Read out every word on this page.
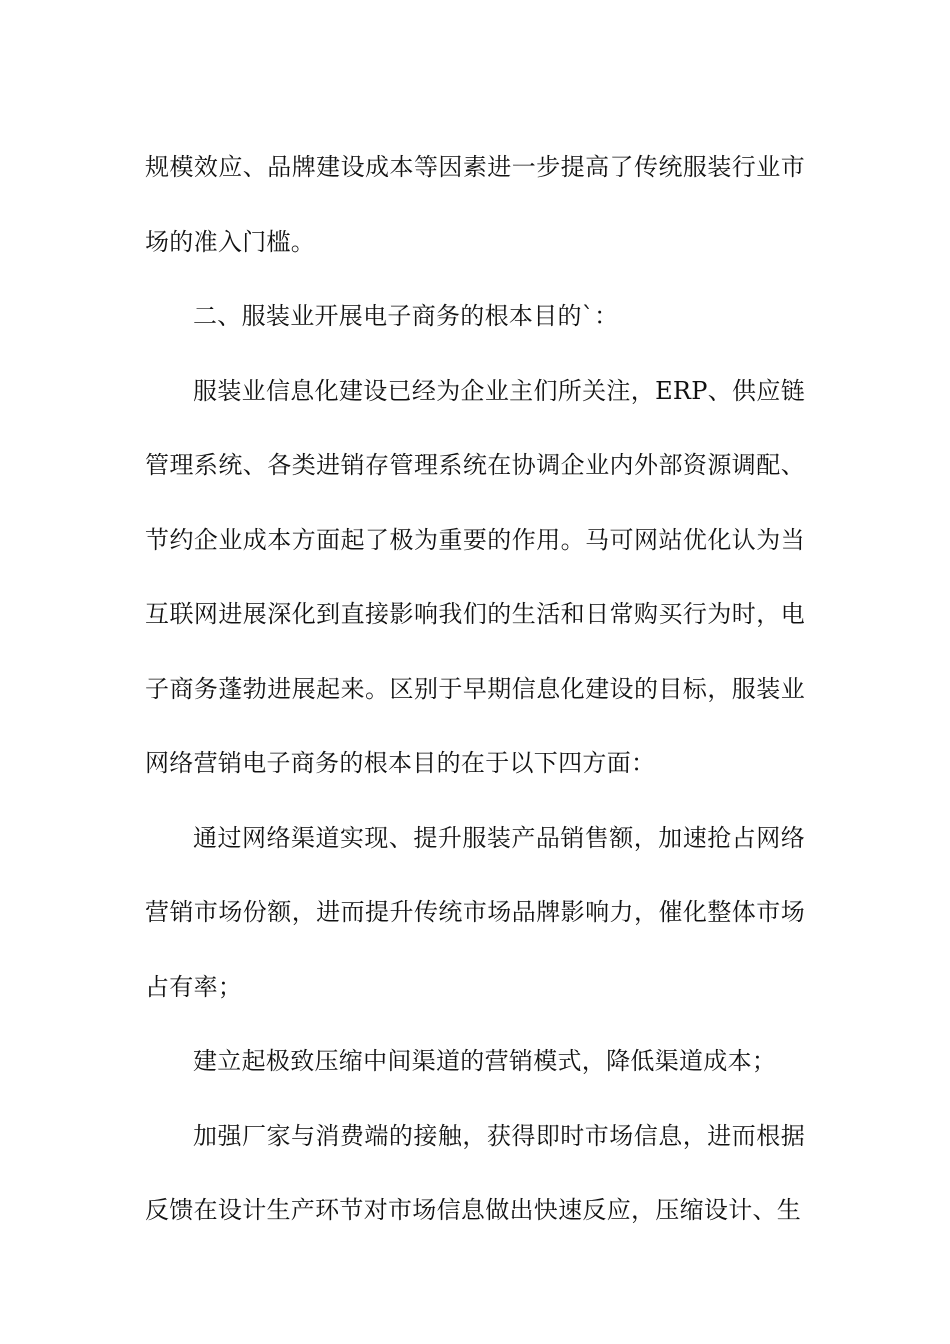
规模效应、品牌建设成本等因素进一步提高了传统服装行业市场的准入门槛。

二、服装业开展电子商务的根本目的`：

服装业信息化建设已经为企业主们所关注，ERP、供应链管理系统、各类进销存管理系统在协调企业内外部资源调配、节约企业成本方面起了极为重要的作用。马可网站优化认为当互联网进展深化到直接影响我们的生活和日常购买行为时，电子商务蓬勃进展起来。区别于早期信息化建设的目标，服装业网络营销电子商务的根本目的在于以下四方面：

通过网络渠道实现、提升服装产品销售额，加速抢占网络营销市场份额，进而提升传统市场品牌影响力，催化整体市场占有率；

建立起极致压缩中间渠道的营销模式，降低渠道成本；

加强厂家与消费端的接触，获得即时市场信息，进而根据反馈在设计生产环节对市场信息做出快速反应，压缩设计、生
